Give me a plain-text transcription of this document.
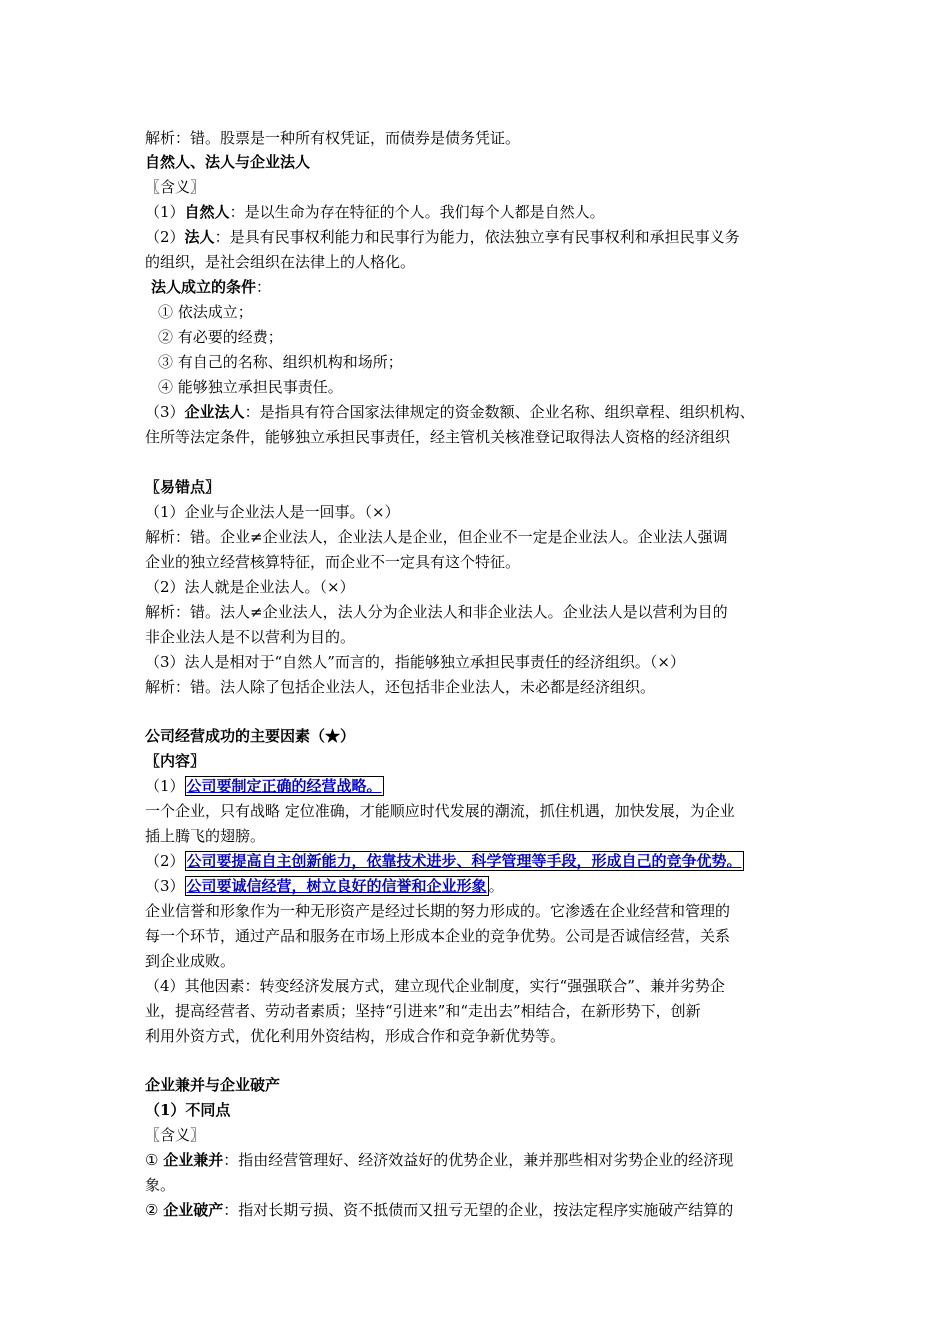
解析：错。股票是一种所有权凭证，而债券是债务凭证。
自然人、法人与企业法人
〖含义〗
（1）自然人：是以生命为存在特征的个人。我们每个人都是自然人。
（2）法人：是具有民事权利能力和民事行为能力，依法独立享有民事权利和承担民事义务
的组织，是社会组织在法律上的人格化。
法人成立的条件：
① 依法成立；
② 有必要的经费；
③ 有自己的名称、组织机构和场所；
④ 能够独立承担民事责任。
（3）企业法人：是指具有符合国家法律规定的资金数额、企业名称、组织章程、组织机构、
住所等法定条件，能够独立承担民事责任，经主管机关核准登记取得法人资格的经济组织
〖易错点〗
（1）企业与企业法人是一回事。（×）
解析：错。企业≠企业法人，企业法人是企业，但企业不一定是企业法人。企业法人强调
企业的独立经营核算特征，而企业不一定具有这个特征。
（2）法人就是企业法人。（×）
解析：错。法人≠企业法人，法人分为企业法人和非企业法人。企业法人是以营利为目的
非企业法人是不以营利为目的。
（3）法人是相对于“自然人”而言的，指能够独立承担民事责任的经济组织。（×）
解析：错。法人除了包括企业法人，还包括非企业法人，未必都是经济组织。
公司经营成功的主要因素（★）
〖内容〗
（1） 公司要制定正确的经营战略。
一个企业，只有战略 定位准确，才能顺应时代发展的潮流，抓住机遇，加快发展，为企业
插上腾飞的翅膀。
（2） 公司要提高自主创新能力，依靠技术进步、科学管理等手段，形成自己的竞争优势。
（3） 公司要诚信经营，树立良好的信誉和企业形象 。
企业信誉和形象作为一种无形资产是经过长期的努力形成的。它渗透在企业经营和管理的
每一个环节，通过产品和服务在市场上形成本企业的竞争优势。公司是否诚信经营，关系
到企业成败。
（4）其他因素：转变经济发展方式，建立现代企业制度，实行“强强联合”、兼并劣势企
业，提高经营者、劳动者素质；坚持“引进来”和“走出去”相结合，在新形势下，创新
利用外资方式，优化利用外资结构，形成合作和竞争新优势等。
企业兼并与企业破产
（1）不同点
〖含义〗
① 企业兼并：指由经营管理好、经济效益好的优势企业，兼并那些相对劣势企业的经济现
象。
② 企业破产：指对长期亏损、资不抵债而又扭亏无望的企业，按法定程序实施破产结算的
